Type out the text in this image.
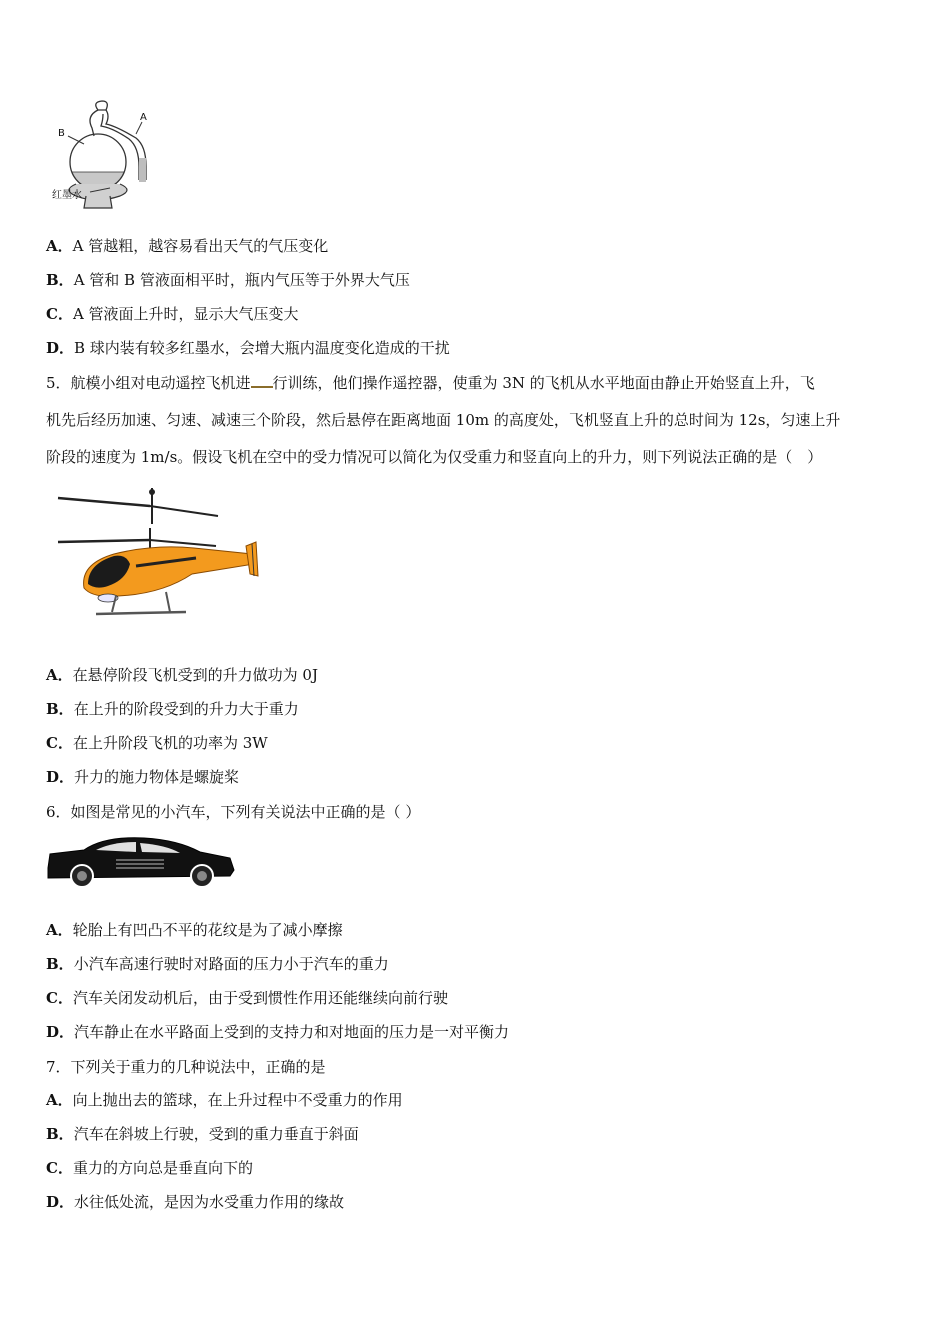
B
A
红墨水
A．A 管越粗，越容易看出天气的气压变化
B．A 管和 B 管液面相平时，瓶内气压等于外界大气压
C．A 管液面上升时，显示大气压变大
D．B 球内装有较多红墨水，会增大瓶内温度变化造成的干扰
5．航模小组对电动遥控飞机进 行训练，他们操作遥控器，使重为 3N 的飞机从水平地面由静止开始竖直上升，飞
机先后经历加速、匀速、减速三个阶段，然后悬停在距离地面 10m 的高度处，飞机竖直上升的总时间为 12s，匀速上升
阶段的速度为 1m/s。假设飞机在空中的受力情况可以简化为仅受重力和竖直向上的升力，则下列说法正确的是（　）
A．在悬停阶段飞机受到的升力做功为 0J
B．在上升的阶段受到的升力大于重力
C．在上升阶段飞机的功率为 3W
D．升力的施力物体是螺旋桨
6．如图是常见的小汽车，下列有关说法中正确的是（ ）
A．轮胎上有凹凸不平的花纹是为了减小摩擦
B．小汽车高速行驶时对路面的压力小于汽车的重力
C．汽车关闭发动机后，由于受到惯性作用还能继续向前行驶
D．汽车静止在水平路面上受到的支持力和对地面的压力是一对平衡力
7．下列关于重力的几种说法中，正确的是
A．向上抛出去的篮球，在上升过程中不受重力的作用
B．汽车在斜坡上行驶，受到的重力垂直于斜面
C．重力的方向总是垂直向下的
D．水往低处流，是因为水受重力作用的缘故
